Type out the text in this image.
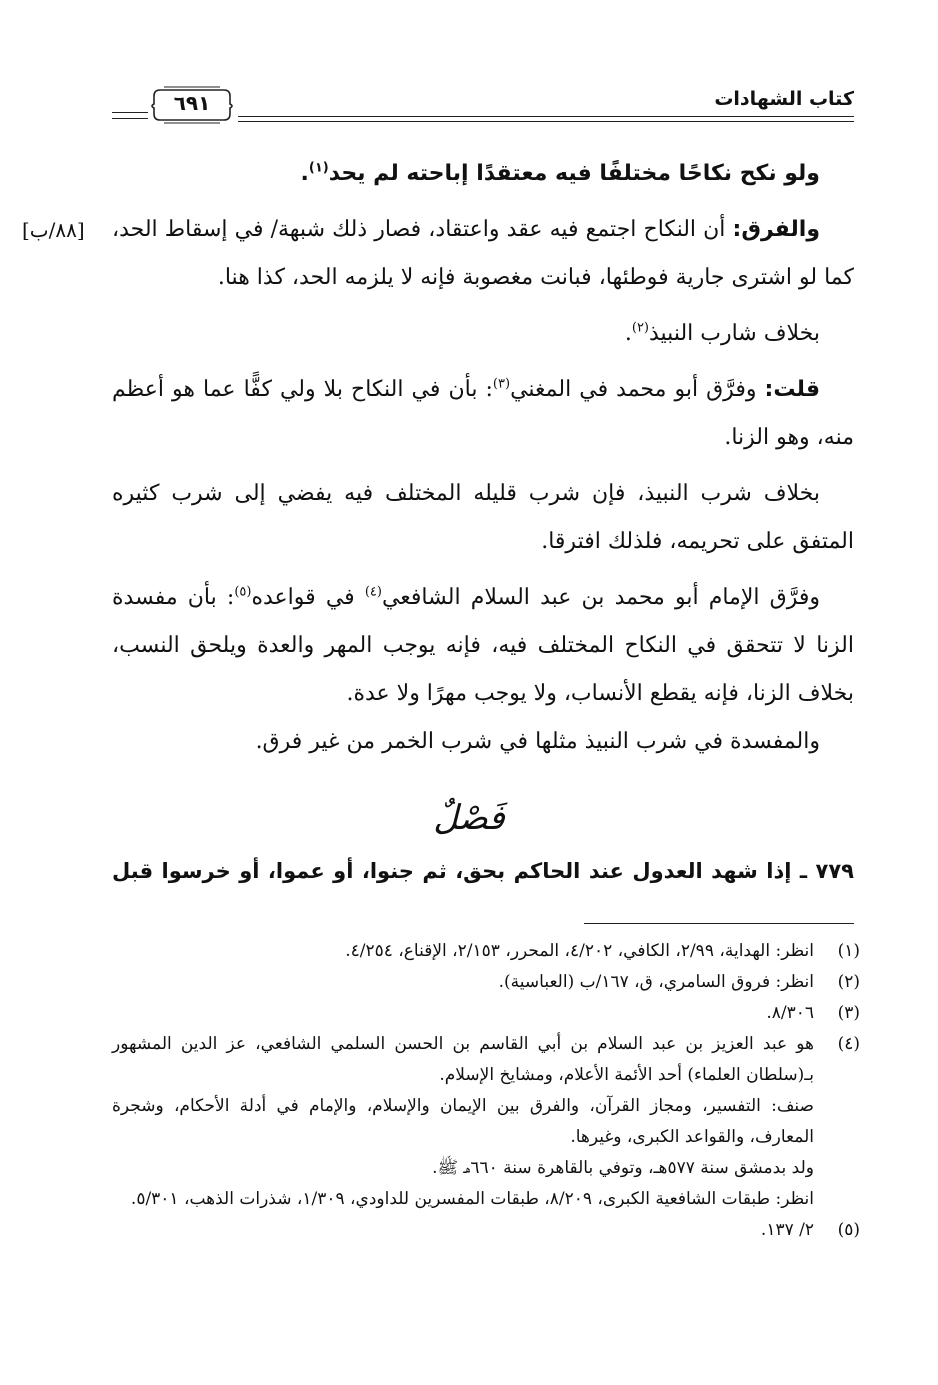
كتاب الشهادات
٦٩١
[٨٨/ب]

ولو نكح نكاحًا مختلفًا فيه معتقدًا إباحته لم يحد$^{(١)}$.

والفرق: أن النكاح اجتمع فيه عقد واعتقاد، فصار ذلك شبهة/ في إسقاط الحد، كما لو اشترى جارية فوطئها، فبانت مغصوبة فإنه لا يلزمه الحد، كذا هنا.

بخلاف شارب النبيذ$^{(٢)}$.

قلت: وفرَّق أبو محمد في المغني$^{(٣)}$: بأن في النكاح بلا ولي كفًّا عما هو أعظم منه، وهو الزنا.

بخلاف شرب النبيذ، فإن شرب قليله المختلف فيه يفضي إلى شرب كثيره المتفق على تحريمه، فلذلك افترقا.

وفرَّق الإمام أبو محمد بن عبد السلام الشافعي$^{(٤)}$ في قواعده$^{(٥)}$: بأن مفسدة الزنا لا تتحقق في النكاح المختلف فيه، فإنه يوجب المهر والعدة ويلحق النسب، بخلاف الزنا، فإنه يقطع الأنساب، ولا يوجب مهرًا ولا عدة.

والمفسدة في شرب النبيذ مثلها في شرب الخمر من غير فرق.

فَصْلٌ
٧٧٩ ـ إذا شهد العدول عند الحاكم بحق، ثم جنوا، أو عموا، أو خرسوا قبل
(١)
انظر: الهداية، ٢/٩٩، الكافي، ٤/٢٠٢، المحرر، ٢/١٥٣، الإقناع، ٤/٢٥٤.
(٢)
انظر: فروق السامري، ق، ١٦٧/ب (العباسية).
(٣)
٨/٣٠٦.
(٤)

هو عبد العزيز بن عبد السلام بن أبي القاسم بن الحسن السلمي الشافعي، عز الدين المشهور بـ(سلطان العلماء) أحد الأئمة الأعلام، ومشايخ الإسلام.

صنف: التفسير، ومجاز القرآن، والفرق بين الإيمان والإسلام، والإمام في أدلة الأحكام، وشجرة المعارف، والقواعد الكبرى، وغيرها.

ولد بدمشق سنة ٥٧٧هـ، وتوفي بالقاهرة سنة ٦٦٠هـ ﷺ.

انظر: طبقات الشافعية الكبرى، ٨/٢٠٩، طبقات المفسرين للداودي، ١/٣٠٩، شذرات الذهب، ٥/٣٠١.

(٥)
٢/ ١٣٧.
